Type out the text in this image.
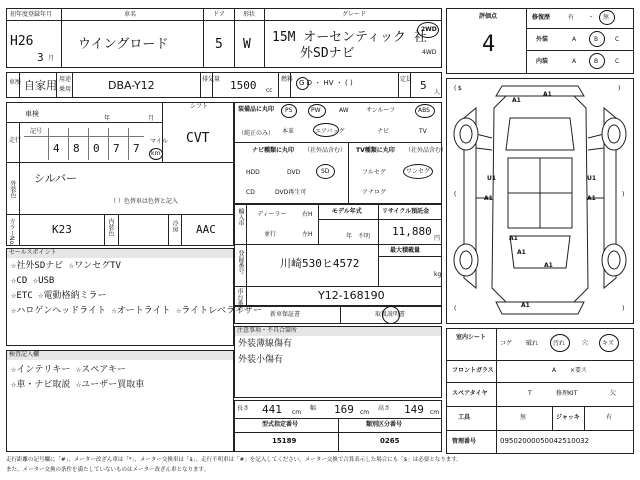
初年度登録年月
H26
3 月
車名
ウイングロード
ドア
5
形状
W
グレード
15M オーセンティック 社
外SDナビ
2WD
4WD
車歴 自家用 用途
乗用	DBA-Y12	排気量 1500 cc
燃料 G D ・ HV ・ ( )	定員 5
人
車検
年	月
シフト
CVT
走行
記号
4 8 0 7 7
マイル
km
外装色
シルバー
（ ）色替車は色替と記入
カラーNo.	K23	内装色	冷房 AAC
装備品に丸印
（純正のみ）
PS	PW	AW	サンルーフ	ABS
本革	エアバッグ	ナビ	TV
ナビ種類に丸印 （社外品含む）
HDD	DVD	SD
CD	DVD再生可
TV種類に丸印 （社外品含む）
フルセグ	ワンセグ
アナログ
輸入車 ディーラー
並行
右H
左H
モデル年式
年　不明
リサイクル預託金
11,880
円
最大積載量
kg
登録番号	川崎530ヒ4572
車台番号	Y12-168190
新車保証書	取扱説明書
セールスポイント
☆社外SDナビ ☆ワンセグTV
☆CD ☆USB
☆ETC ☆電動格納ミラー
☆ハロゲンヘッドライト ☆オートライト ☆ライトレベライザー
検査記入欄
☆インテリキー ☆スペアキー
☆車・ナビ取説 ☆ユーザー買取車
注意事項・不具合箇所
外装薄線傷有
外装小傷有
長さ 441 cm
幅 169 cm
高さ 149 cm
型式指定番号
15189
類別区分番号
0265
評価点
4
修復歴	有 ・ 無
外装	A	B	C
内装	A	B	C
( $	)
(	)
(	)
A1
A1
U1	U1
A1	A1
A1
A1
A1
A1
室内シート
コゲ 破れ 汚れ	穴 キズ
フロントガラス	A ×要ス
スペアタイヤ	T	修理KIT	欠
工具	無	ジャッキ	有
管理番号	09502000050042510032
走行距離の記号欄に「#」、メーター改ざん車は「*」、メーター交換車は「$」、走行不明車は「#」を記入してください。メーター交換で合算表示した場合にも「$」は必要となります。
また、メーター交換の条件を満たしていないものはメーター改ざん車となります。
